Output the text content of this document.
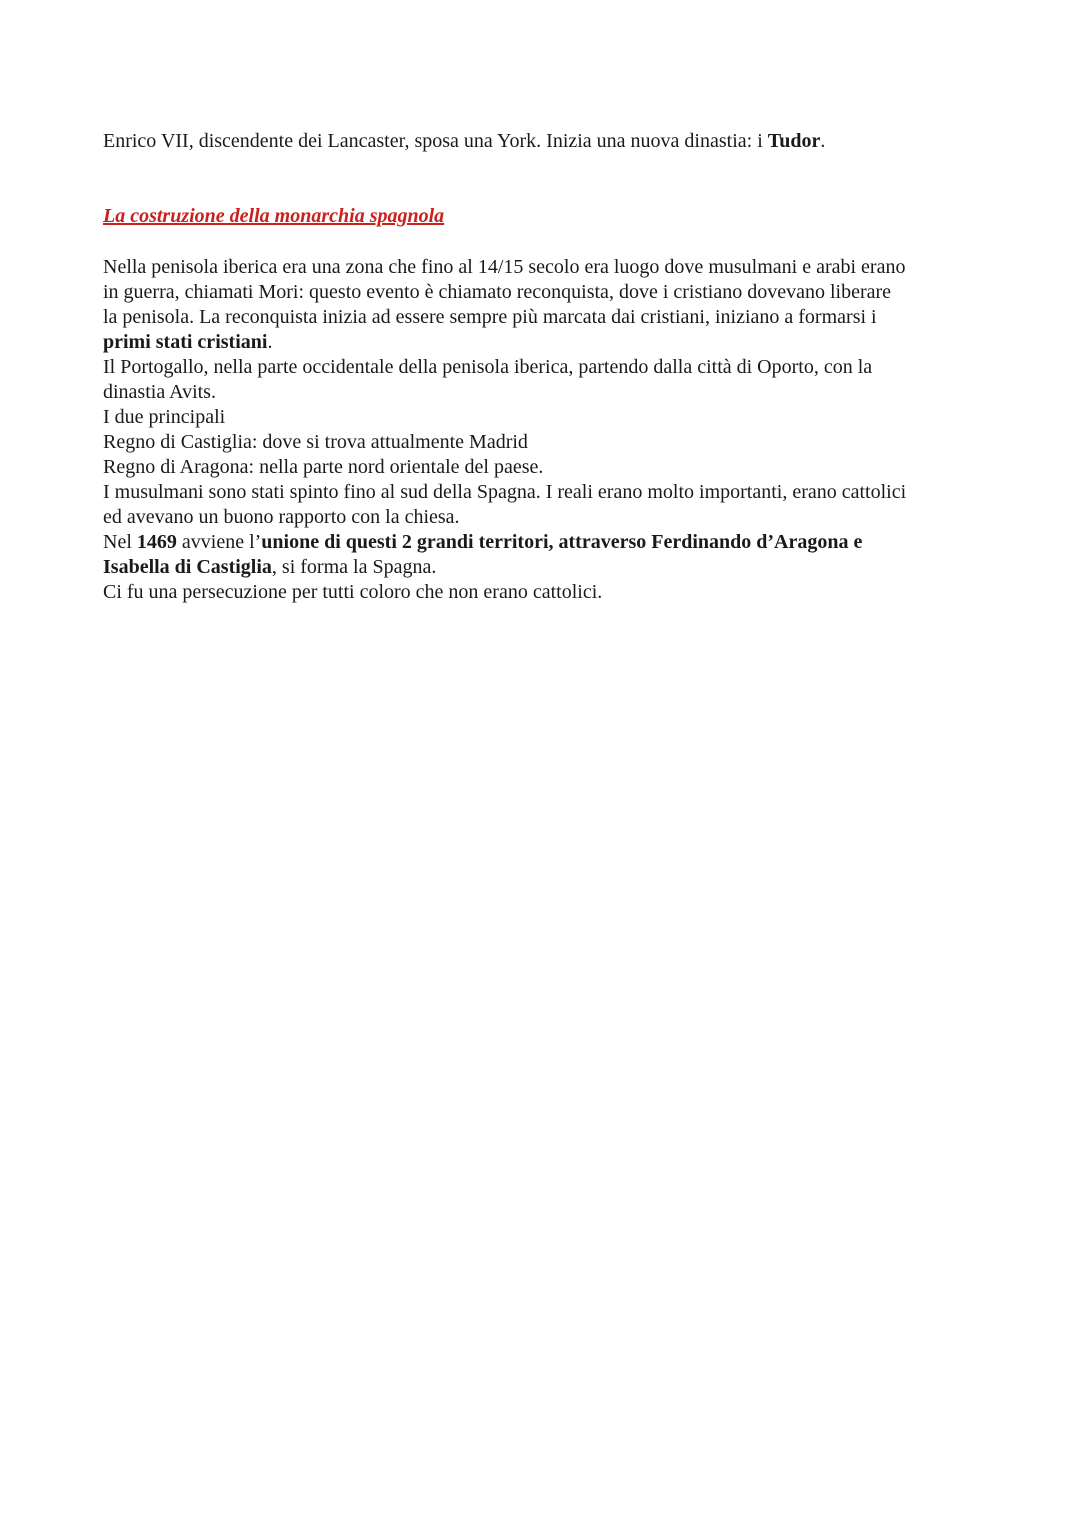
Enrico VII, discendente dei Lancaster, sposa una York. Inizia una nuova dinastia: i Tudor.
La costruzione della monarchia spagnola
Nella penisola iberica era una zona che fino al 14/15 secolo era luogo dove musulmani e arabi erano
in guerra, chiamati Mori: questo evento è chiamato reconquista, dove i cristiano dovevano liberare
la penisola. La reconquista inizia ad essere sempre più marcata dai cristiani, iniziano a formarsi i
primi stati cristiani.
Il Portogallo, nella parte occidentale della penisola iberica, partendo dalla città di Oporto, con la
dinastia Avits.
I due principali
Regno di Castiglia: dove si trova attualmente Madrid
Regno di Aragona: nella parte nord orientale del paese.
I musulmani sono stati spinto fino al sud della Spagna. I reali erano molto importanti, erano cattolici
ed avevano un buono rapporto con la chiesa.
Nel 1469 avviene l’unione di questi 2 grandi territori, attraverso Ferdinando d’Aragona e
Isabella di Castiglia, si forma la Spagna.
Ci fu una persecuzione per tutti coloro che non erano cattolici.
